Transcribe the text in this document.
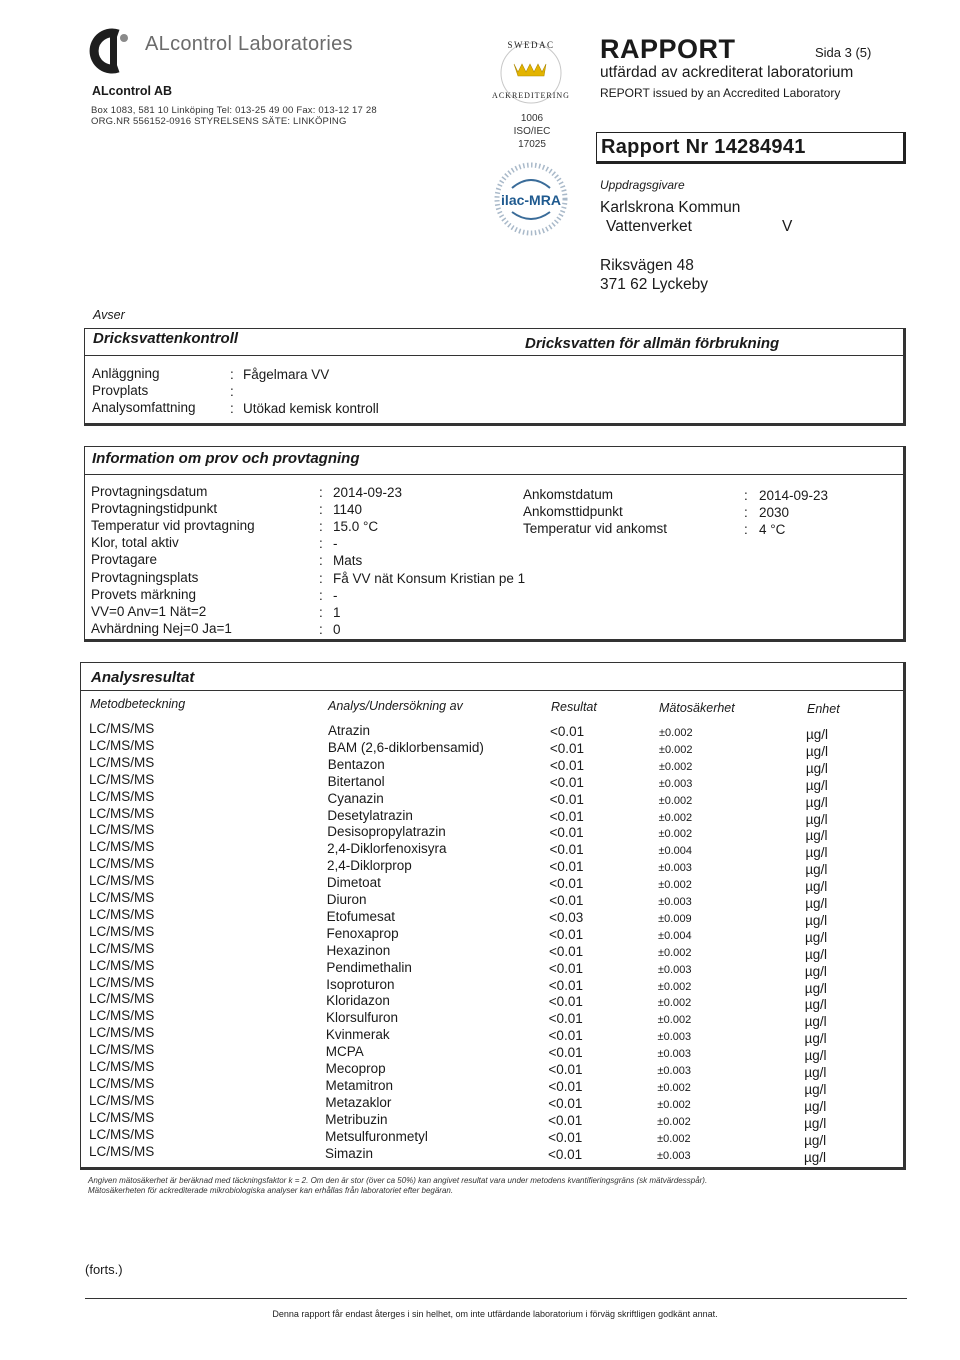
ALcontrol Laboratories
ALcontrol AB
Box 1083, 581 10 Linköping Tel: 013-25 49 00 Fax: 013-12 17 28
ORG.NR 556152-0916 STYRELSENS SÄTE: LINKÖPING
SWEDAC
ACKREDITERING
1006
ISO/IEC 17025
ilac-MRA
RAPPORT	Sida 3 (5)
utfärdad av ackrediterat laboratorium
REPORT issued by an Accredited Laboratory
Rapport Nr 14284941
Uppdragsgivare
Karlskrona Kommun
Vattenverket	V
Riksvägen 48
371 62 Lyckeby
Avser
Dricksvattenkontroll	Dricksvatten för allmän förbrukning
Anläggning	: Fågelmara VV
Provplats	:
Analysomfattning	: Utökad kemisk kontroll
Information om prov och provtagning
Provtagningsdatum	: 2014-09-23
Provtagningstidpunkt	: 1140
Temperatur vid provtagning	: 15.0 °C
Klor, total aktiv	: -
Provtagare	: Mats
Provtagningsplats	: Få VV nät Konsum Kristian pe 1
Provets märkning	: -
VV=0 Anv=1 Nät=2	: 1
Avhärdning Nej=0 Ja=1	: 0
Ankomstdatum	: 2014-09-23
Ankomsttidpunkt	: 2030
Temperatur vid ankomst	: 4 °C
Analysresultat
Metodbeteckning	Analys/Undersökning av	Resultat	Mätosäkerhet	Enhet
LC/MS/MS	Atrazin	<0.01	±0.002	µg/l
LC/MS/MS	BAM (2,6-diklorbensamid)	<0.01	±0.002	µg/l
LC/MS/MS	Bentazon	<0.01	±0.002	µg/l
LC/MS/MS	Bitertanol	<0.01	±0.003	µg/l
LC/MS/MS	Cyanazin	<0.01	±0.002	µg/l
LC/MS/MS	Desetylatrazin	<0.01	±0.002	µg/l
LC/MS/MS	Desisopropylatrazin	<0.01	±0.002	µg/l
LC/MS/MS	2,4-Diklorfenoxisyra	<0.01	±0.004	µg/l
LC/MS/MS	2,4-Diklorprop	<0.01	±0.003	µg/l
LC/MS/MS	Dimetoat	<0.01	±0.002	µg/l
LC/MS/MS	Diuron	<0.01	±0.003	µg/l
LC/MS/MS	Etofumesat	<0.03	±0.009	µg/l
LC/MS/MS	Fenoxaprop	<0.01	±0.004	µg/l
LC/MS/MS	Hexazinon	<0.01	±0.002	µg/l
LC/MS/MS	Pendimethalin	<0.01	±0.003	µg/l
LC/MS/MS	Isoproturon	<0.01	±0.002	µg/l
LC/MS/MS	Kloridazon	<0.01	±0.002	µg/l
LC/MS/MS	Klorsulfuron	<0.01	±0.002	µg/l
LC/MS/MS	Kvinmerak	<0.01	±0.003	µg/l
LC/MS/MS	MCPA	<0.01	±0.003	µg/l
LC/MS/MS	Mecoprop	<0.01	±0.003	µg/l
LC/MS/MS	Metamitron	<0.01	±0.002	µg/l
LC/MS/MS	Metazaklor	<0.01	±0.002	µg/l
LC/MS/MS	Metribuzin	<0.01	±0.002	µg/l
LC/MS/MS	Metsulfuronmetyl	<0.01	±0.002	µg/l
LC/MS/MS	Simazin	<0.01	±0.003	µg/l
Angiven mätosäkerhet är beräknad med täckningsfaktor k = 2. Om den är stor (över ca 50%) kan angivet resultat vara under metodens kvantifieringsgräns (sk mätvärdesspår).
Mätosäkerheten för ackrediterade mikrobiologiska analyser kan erhållas från laboratoriet efter begäran.
(forts.)
Denna rapport får endast återges i sin helhet, om inte utfärdande laboratorium i förväg skriftligen godkänt annat.
